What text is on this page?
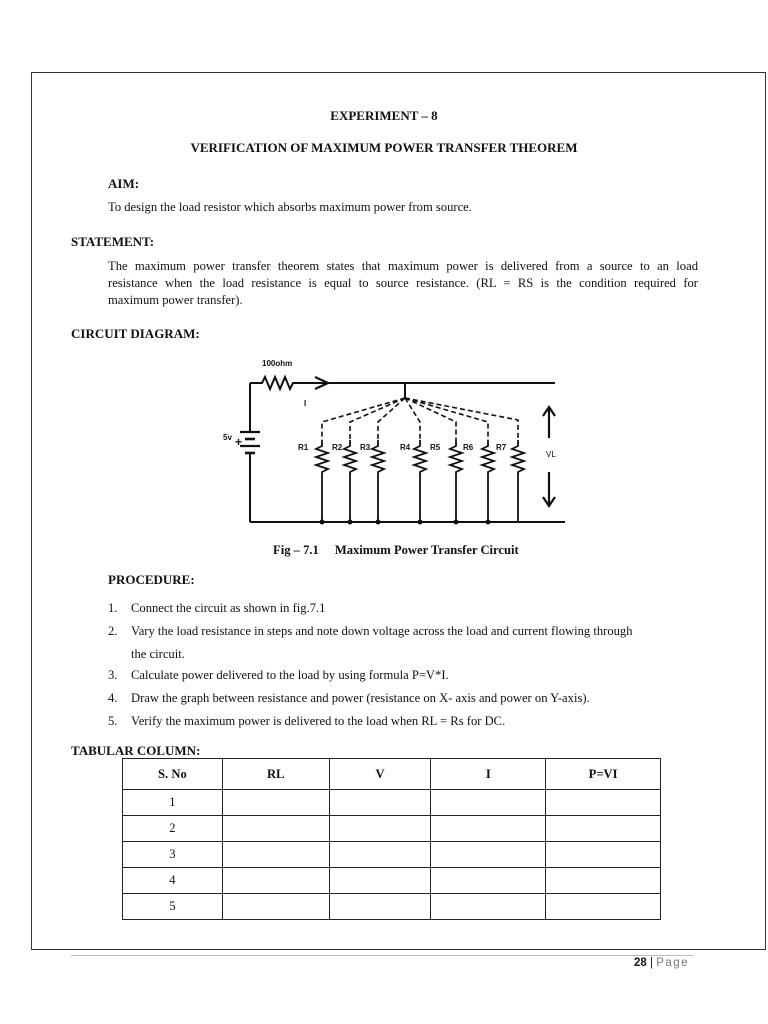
EXPERIMENT – 8
VERIFICATION OF MAXIMUM POWER TRANSFER THEOREM
AIM:
To design the load resistor which absorbs maximum power from source.
STATEMENT:
The maximum power transfer theorem states that maximum power is delivered from a source to an load
resistance when the load resistance is equal to source resistance. (RL = RS is the condition required for
maximum power transfer).
CIRCUIT DIAGRAM:
100ohm
I
5v +	R1	R2 R3	R4 R5	R6	R7
VL
Fig – 7.1 Maximum Power Transfer Circuit
PROCEDURE:
1. Connect the circuit as shown in fig.7.1
2. Vary the load resistance in steps and note down voltage across the load and current flowing through
the circuit.
3. Calculate power delivered to the load by using formula P=V*I.
4. Draw the graph between resistance and power (resistance on X- axis and power on Y-axis).
5. Verify the maximum power is delivered to the load when RL = Rs for DC.
TABULAR COLUMN:
S. No	RL	V	I	P=VI
1				
2				
3				
4				
5				
28 | Page
